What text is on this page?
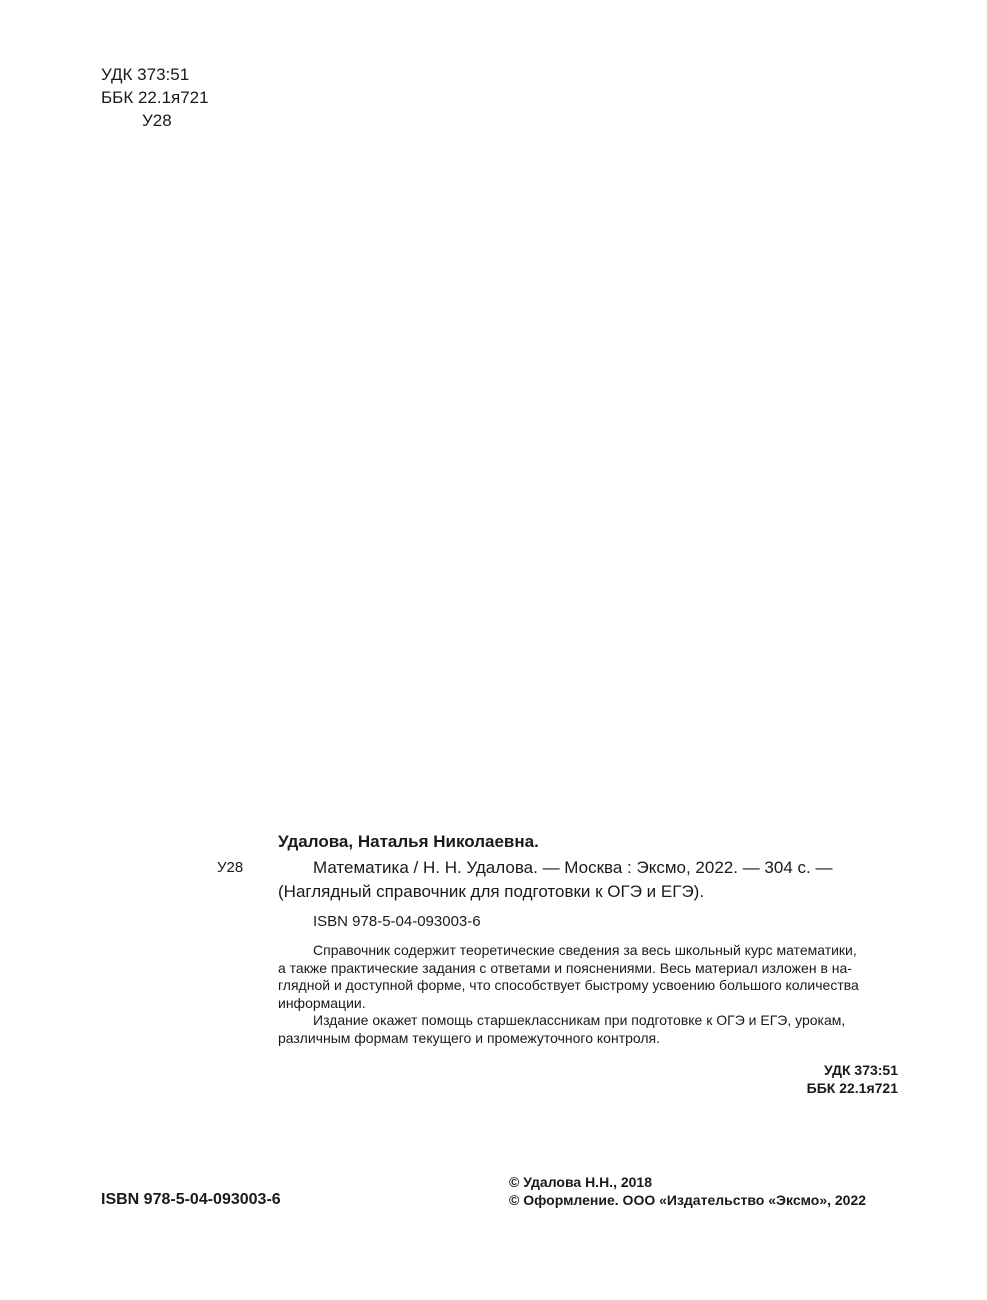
УДК 373:51
ББК 22.1я721
У28
Удалова, Наталья Николаевна.
У28	Математика / Н. Н. Удалова. — Москва : Эксмо, 2022. — 304 с. —
(Наглядный справочник для подготовки к ОГЭ и ЕГЭ).
ISBN 978-5-04-093003-6

Справочник содержит теоретические сведения за весь школьный курс математики,
а также практические задания с ответами и пояснениями. Весь материал изложен в на-
глядной и доступной форме, что способствует быстрому усвоению большого количества
информации.

Издание окажет помощь старшеклассникам при подготовке к ОГЭ и ЕГЭ, урокам,
различным формам текущего и промежуточного контроля.

УДК 373:51
ББК 22.1я721
ISBN 978-5-04-093003-6
© Удалова Н.Н., 2018
© Оформление. ООО «Издательство «Эксмо», 2022
